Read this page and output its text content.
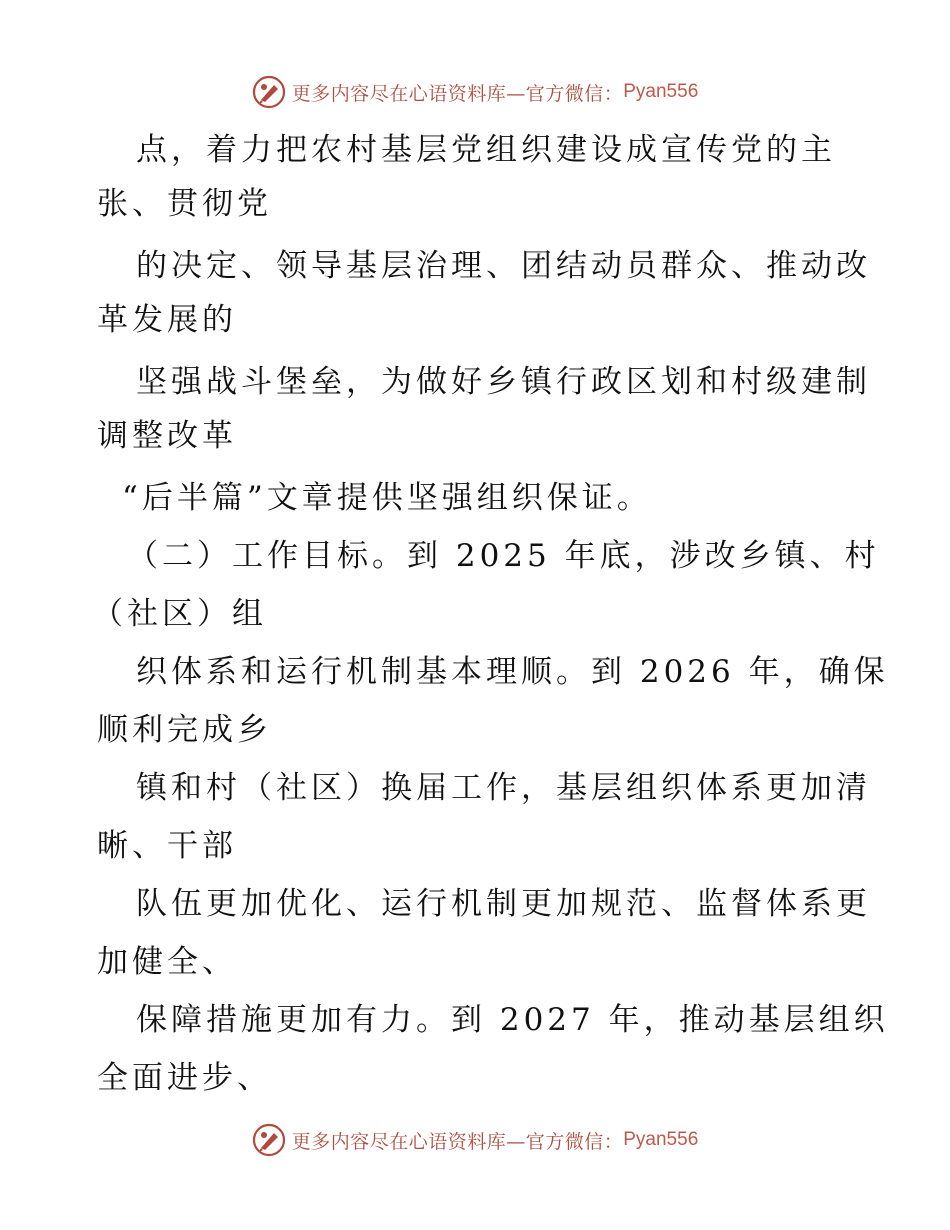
更多内容尽在心语资料库—官方微信： Pyan556
点，着力把农村基层党组织建设成宣传党的主
张、贯彻党
的决定、领导基层治理、团结动员群众、推动改
革发展的
坚强战斗堡垒，为做好乡镇行政区划和村级建制
调整改革
“后半篇”文章提供坚强组织保证。
（二）工作目标。到 2025 年底，涉改乡镇、村
（社区）组
织体系和运行机制基本理顺。到 2026 年，确保
顺利完成乡
镇和村（社区）换届工作，基层组织体系更加清
晰、干部
队伍更加优化、运行机制更加规范、监督体系更
加健全、
保障措施更加有力。到 2027 年，推动基层组织
全面进步、
更多内容尽在心语资料库—官方微信： Pyan556
